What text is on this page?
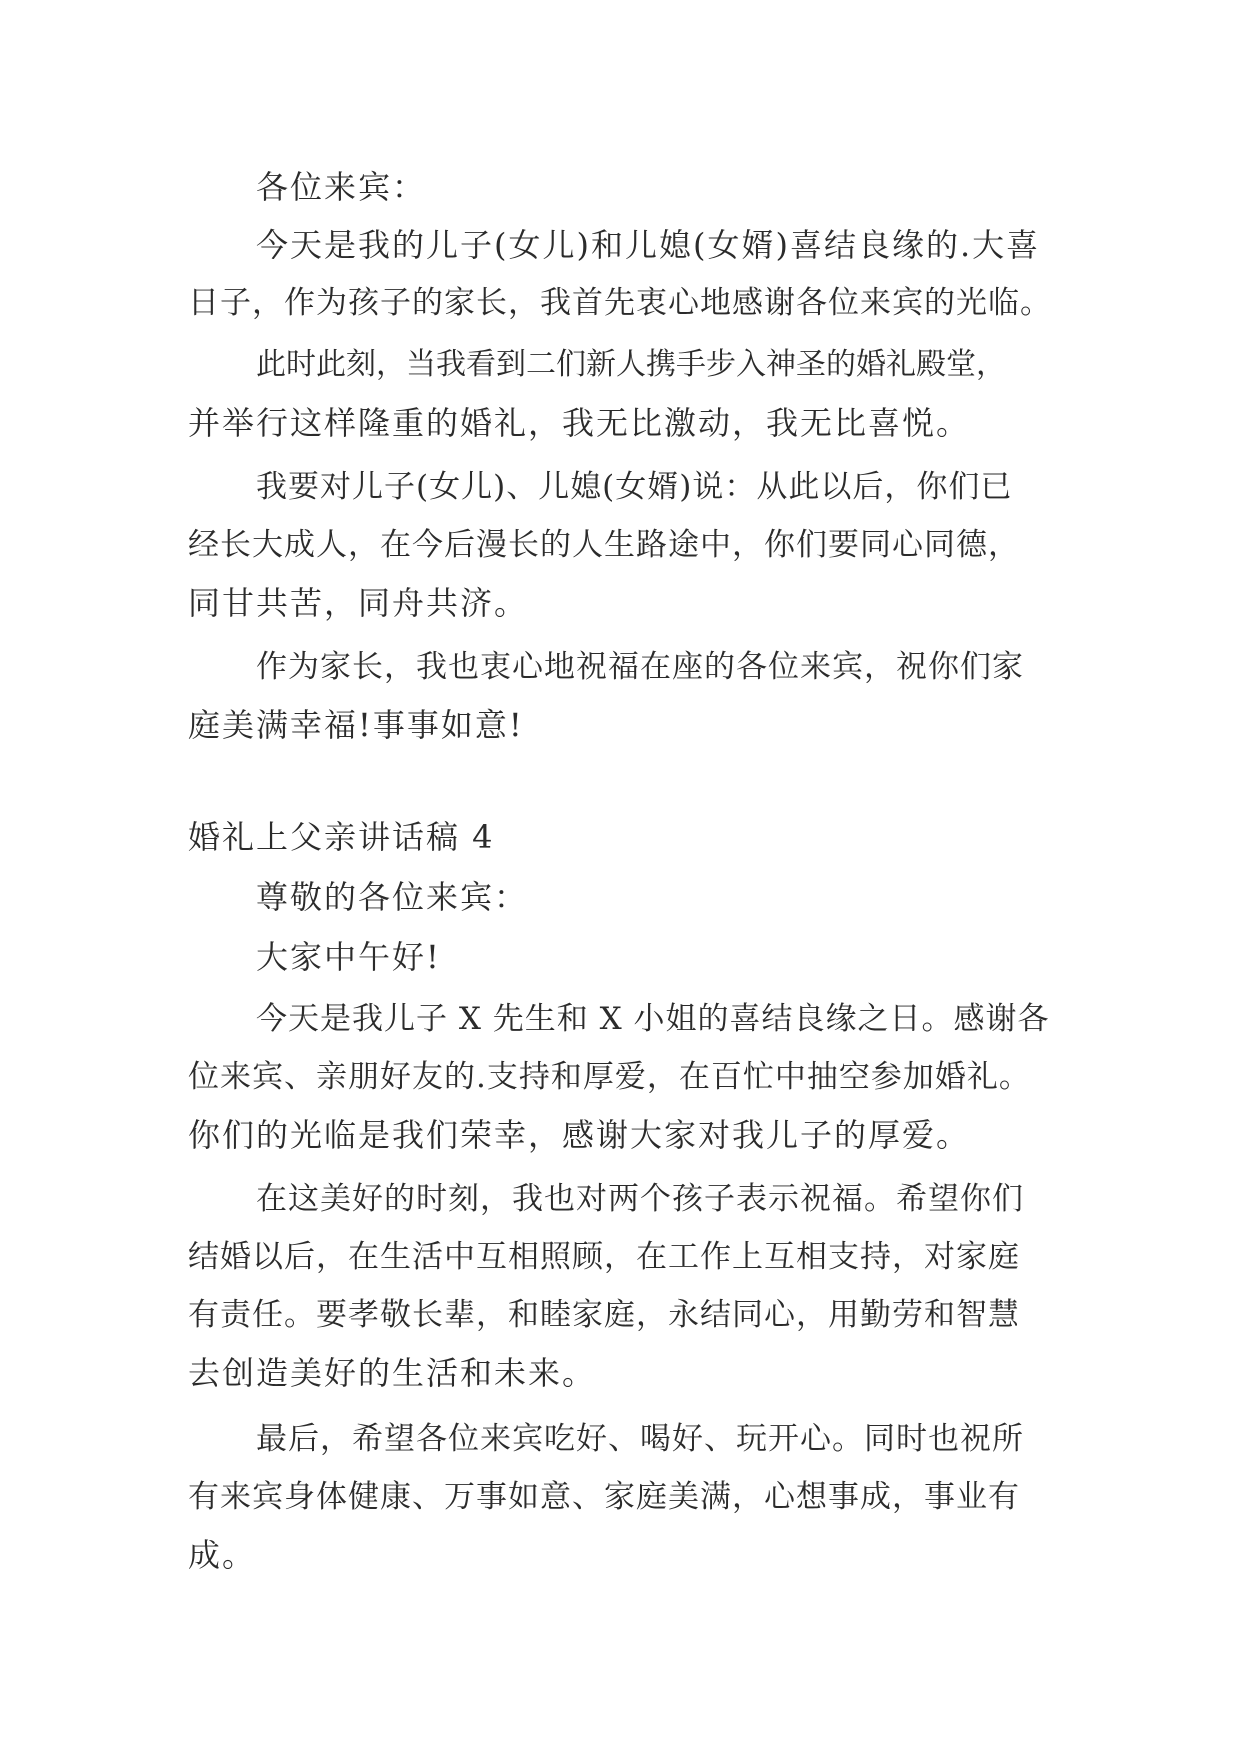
各位来宾：
今天是我的儿子(女儿)和儿媳(女婿)喜结良缘的.大喜
日子，作为孩子的家长，我首先衷心地感谢各位来宾的光临。
此时此刻，当我看到二们新人携手步入神圣的婚礼殿堂，
并举行这样隆重的婚礼，我无比激动，我无比喜悦。
我要对儿子(女儿)、儿媳(女婿)说：从此以后，你们已
经长大成人，在今后漫长的人生路途中，你们要同心同德，
同甘共苦，同舟共济。
作为家长，我也衷心地祝福在座的各位来宾，祝你们家
庭美满幸福!事事如意!
婚礼上父亲讲话稿 4
尊敬的各位来宾：
大家中午好!
今天是我儿子 X 先生和 X 小姐的喜结良缘之日。感谢各
位来宾、亲朋好友的.支持和厚爱，在百忙中抽空参加婚礼。
你们的光临是我们荣幸，感谢大家对我儿子的厚爱。
在这美好的时刻，我也对两个孩子表示祝福。希望你们
结婚以后，在生活中互相照顾，在工作上互相支持，对家庭
有责任。要孝敬长辈，和睦家庭，永结同心，用勤劳和智慧
去创造美好的生活和未来。
最后，希望各位来宾吃好、喝好、玩开心。同时也祝所
有来宾身体健康、万事如意、家庭美满，心想事成，事业有
成。
